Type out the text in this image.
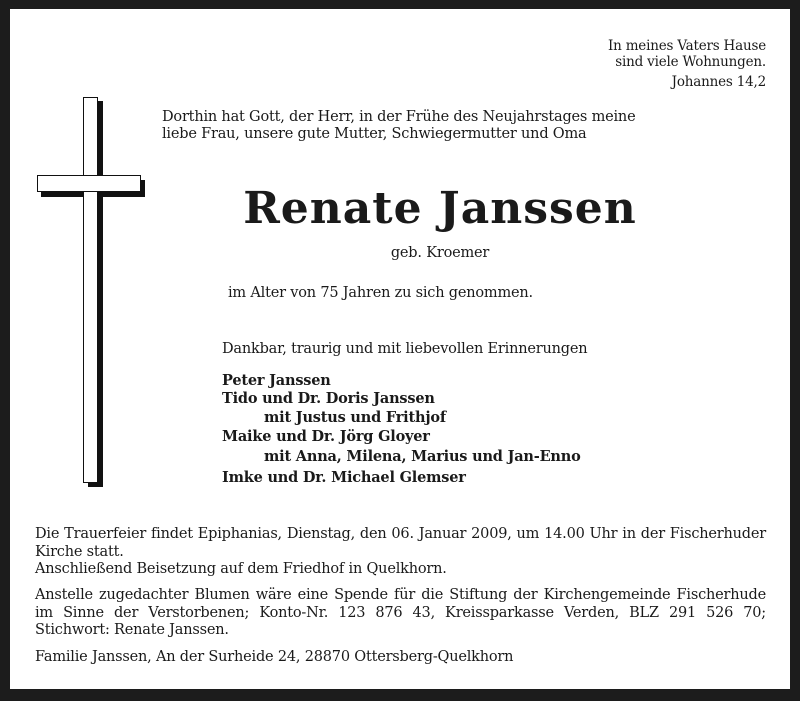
In meines Vaters Hause
sind viele Wohnungen.
Johannes 14,2
Dorthin hat Gott, der Herr, in der Frühe des Neujahrstages meine
liebe Frau, unsere gute Mutter, Schwiegermutter und Oma
Renate Janssen
geb. Kroemer
im Alter von 75 Jahren zu sich genommen.
Dankbar, traurig und mit liebevollen Erinnerungen
Peter Janssen
Tido und Dr. Doris Janssen
mit Justus und Frithjof
Maike und Dr. Jörg Gloyer
mit Anna, Milena, Marius und Jan-Enno
Imke und Dr. Michael Glemser
Die Trauerfeier findet Epiphanias, Dienstag, den 06. Januar 2009, um 14.00 Uhr in der Fischerhuder Kirche statt.
Anschließend Beisetzung auf dem Friedhof in Quelkhorn.
Anstelle zugedachter Blumen wäre eine Spende für die Stiftung der Kirchengemeinde Fischerhude im Sinne der Verstorbenen; Konto-Nr. 123 876 43, Kreissparkasse Verden, BLZ 291 526 70; Stichwort: Renate Janssen.
Familie Janssen, An der Surheide 24, 28870 Ottersberg-Quelkhorn
